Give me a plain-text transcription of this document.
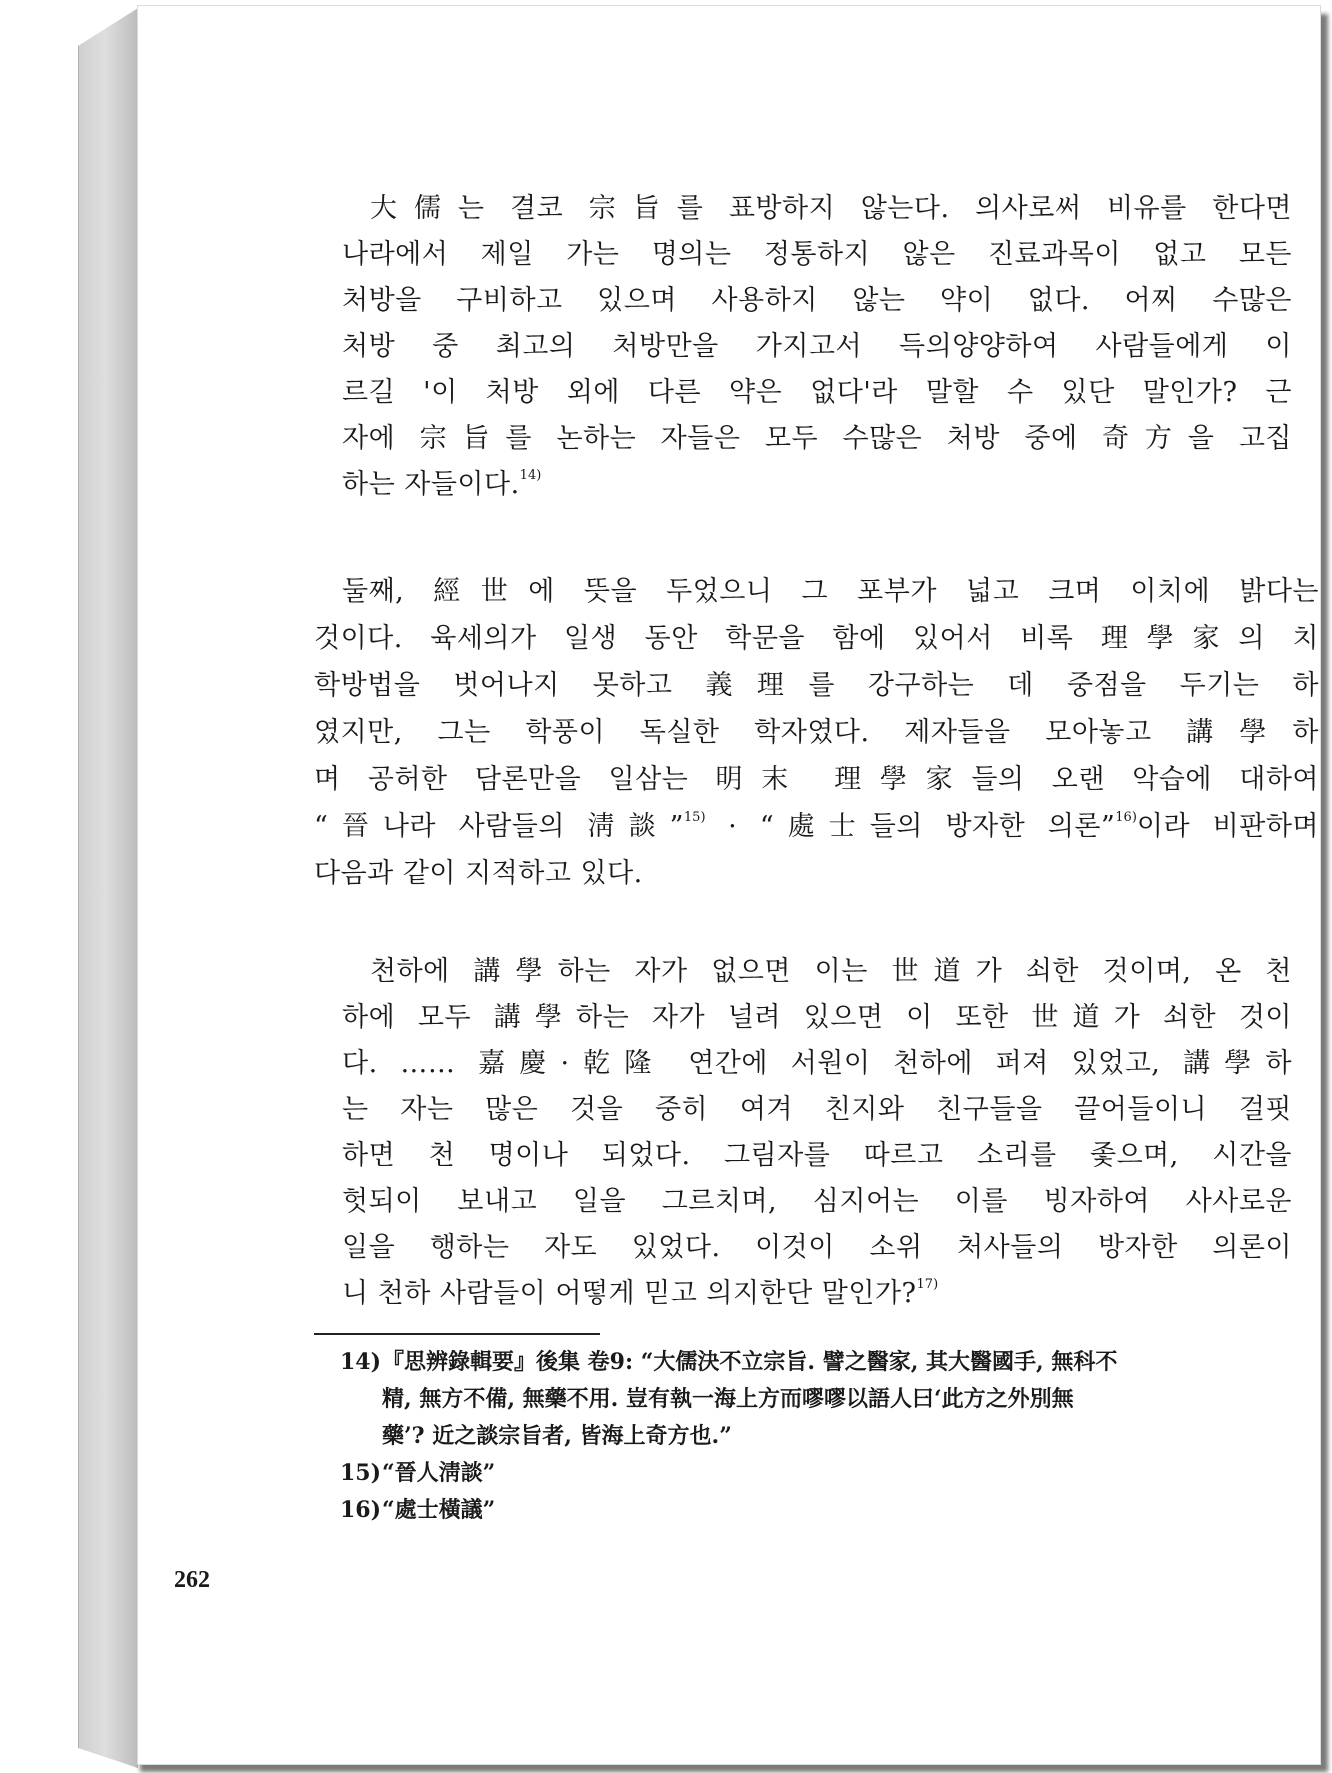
大儒는 결코 宗旨를 표방하지 않는다. 의사로써 비유를 한다면
나라에서 제일 가는 명의는 정통하지 않은 진료과목이 없고 모든
처방을 구비하고 있으며 사용하지 않는 약이 없다. 어찌 수많은
처방 중 최고의 처방만을 가지고서 득의양양하여 사람들에게 이
르길 '이 처방 외에 다른 약은 없다'라 말할 수 있단 말인가? 근
자에 宗旨를 논하는 자들은 모두 수많은 처방 중에 奇方을 고집
하는 자들이다.$^{14)}$
둘째, 經世에 뜻을 두었으니 그 포부가 넓고 크며 이치에 밝다는
것이다. 육세의가 일생 동안 학문을 함에 있어서 비록 理學家의 치
학방법을 벗어나지 못하고 義理를 강구하는 데 중점을 두기는 하
였지만, 그는 학풍이 독실한 학자였다. 제자들을 모아놓고 講學하
며 공허한 담론만을 일삼는 明末 理學家들의 오랜 악습에 대하여
“晉나라 사람들의 淸談”$^{15)}$ · “處士들의 방자한 의론”$^{16)}$이라 비판하며
다음과 같이 지적하고 있다.
천하에 講學하는 자가 없으면 이는 世道가 쇠한 것이며, 온 천
하에 모두 講學하는 자가 널려 있으면 이 또한 世道가 쇠한 것이
다. …… 嘉慶·乾隆 연간에 서원이 천하에 퍼져 있었고, 講學하
는 자는 많은 것을 중히 여겨 친지와 친구들을 끌어들이니 걸핏
하면 천 명이나 되었다. 그림자를 따르고 소리를 좇으며, 시간을
헛되이 보내고 일을 그르치며, 심지어는 이를 빙자하여 사사로운
일을 행하는 자도 있었다. 이것이 소위 처사들의 방자한 의론이
니 천하 사람들이 어떻게 믿고 의지한단 말인가?$^{17)}$
14) 『思辨錄輯要』後集 卷9: “大儒決不立宗旨. 譬之醫家, 其大醫國手, 無科不
精, 無方不備, 無藥不用. 豈有執一海上方而嘐嘐以語人曰‘此方之外別無
藥’? 近之談宗旨者, 皆海上奇方也.”
15) “晉人淸談”
16) “處士橫議”
262
